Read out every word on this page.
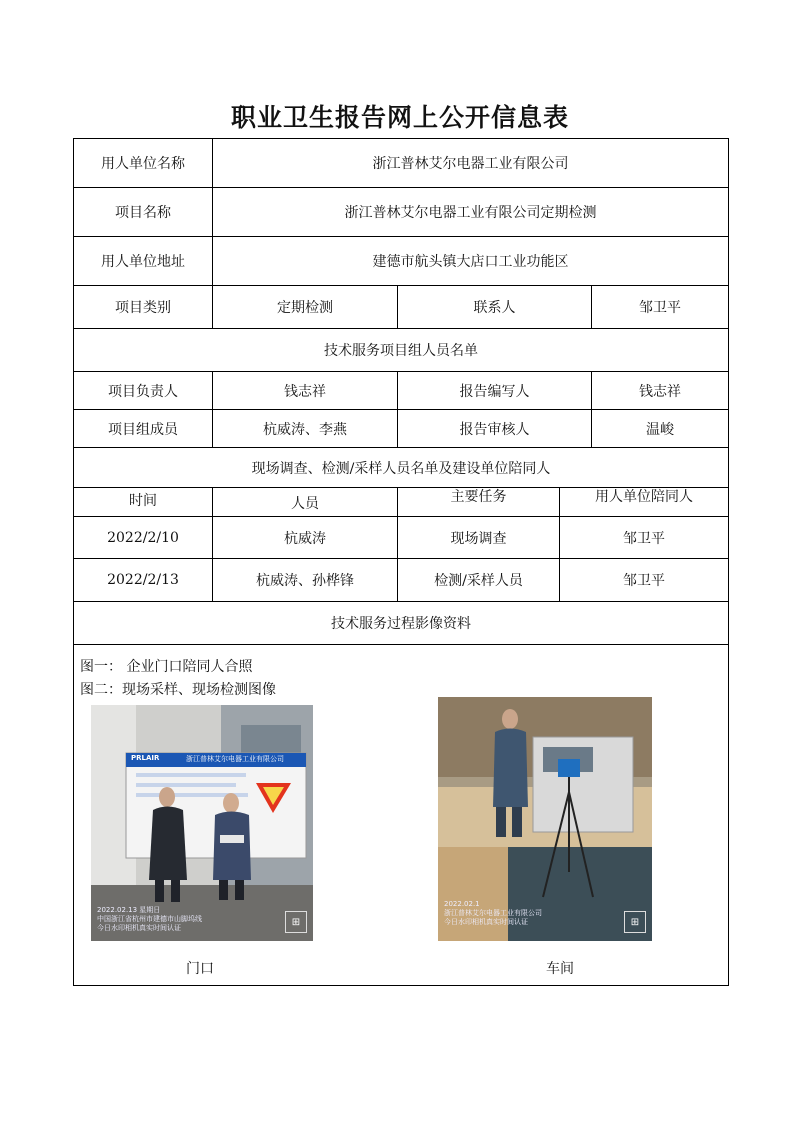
职业卫生报告网上公开信息表
用人单位名称	浙江普林艾尔电器工业有限公司
项目名称	浙江普林艾尔电器工业有限公司定期检测
用人单位地址	建德市航头镇大店口工业功能区
项目类别	定期检测	联系人	邹卫平
技术服务项目组人员名单
项目负责人	钱志祥	报告编写人	钱志祥
项目组成员	杭威涛、李燕	报告审核人	温峻
现场调查、检测/采样人员名单及建设单位陪同人
时间	人员	主要任务	用人单位陪同人
2022/2/10	杭威涛	现场调查	邹卫平
2022/2/13	杭威涛、孙桦锋	检测/采样人员	邹卫平
技术服务过程影像资料
图一： 企业门口陪同人合照
图二：现场采样、现场检测图像
浙江普林艾尔电器工业有限公司
PRLAIR
2022.02.13 星期日
中国浙江省杭州市建德市山脚坞线
今日水印相机真实时间认证
⊞
2022.02.1
浙江普林艾尔电器工业有限公司
今日水印相机真实时间认证	⊞
门口	车间
